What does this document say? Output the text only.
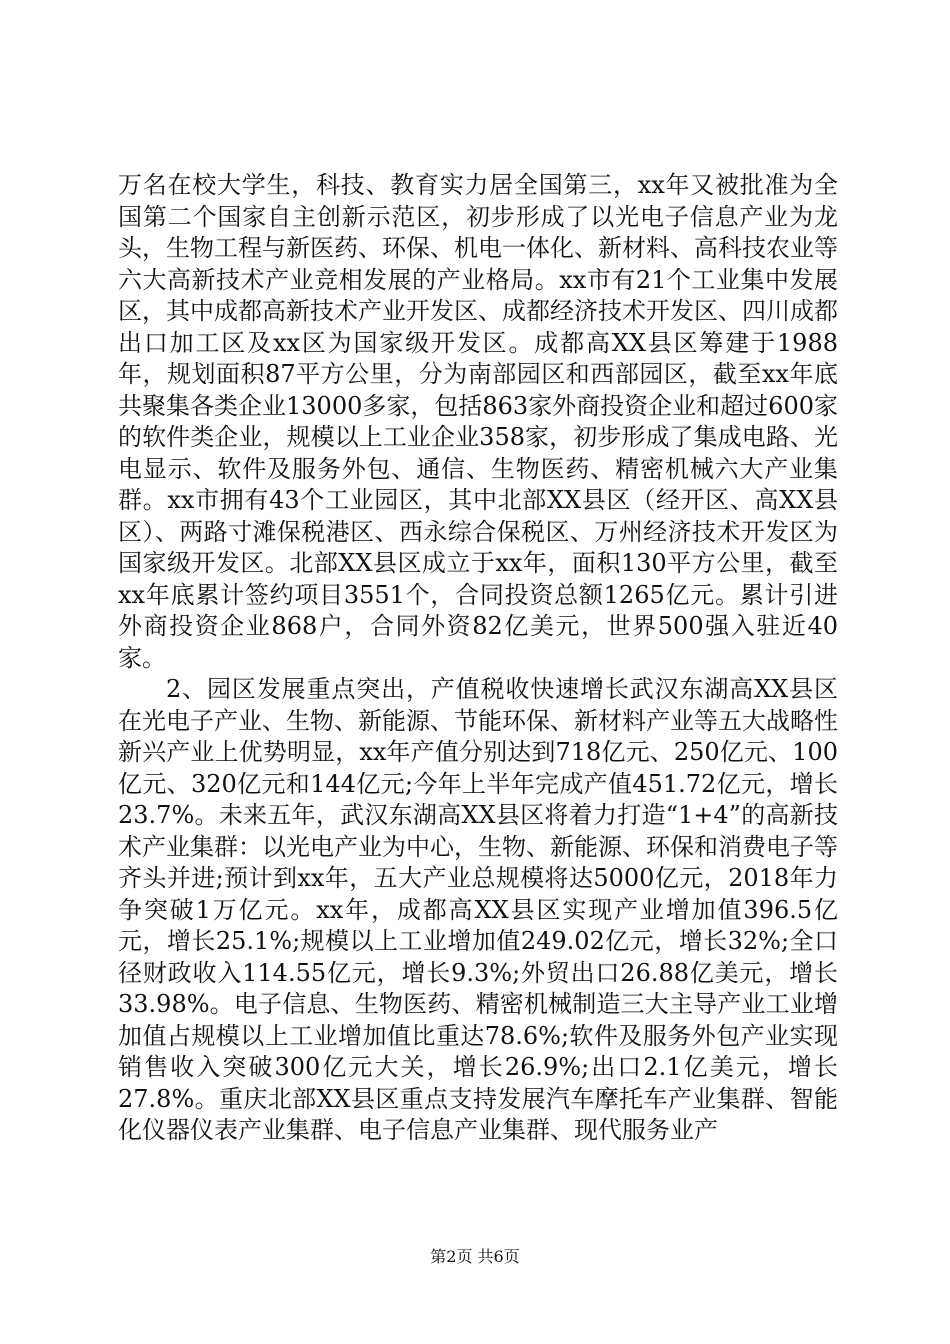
万名在校大学生，科技、教育实力居全国第三，xx年又被批准为全国第二个国家自主创新示范区，初步形成了以光电子信息产业为龙头，生物工程与新医药、环保、机电一体化、新材料、高科技农业等六大高新技术产业竞相发展的产业格局。xx市有21个工业集中发展区，其中成都高新技术产业开发区、成都经济技术开发区、四川成都出口加工区及xx区为国家级开发区。成都高XX县区筹建于1988年，规划面积87平方公里，分为南部园区和西部园区，截至xx年底共聚集各类企业13000多家，包括863家外商投资企业和超过600家的软件类企业，规模以上工业企业358家，初步形成了集成电路、光电显示、软件及服务外包、通信、生物医药、精密机械六大产业集群。xx市拥有43个工业园区，其中北部XX县区（经开区、高XX县区）、两路寸滩保税港区、西永综合保税区、万州经济技术开发区为国家级开发区。北部XX县区成立于xx年，面积130平方公里，截至xx年底累计签约项目3551个，合同投资总额1265亿元。累计引进外商投资企业868户，合同外资82亿美元，世界500强入驻近40家。

2、园区发展重点突出，产值税收快速增长武汉东湖高XX县区在光电子产业、生物、新能源、节能环保、新材料产业等五大战略性新兴产业上优势明显，xx年产值分别达到718亿元、250亿元、100亿元、320亿元和144亿元;今年上半年完成产值451.72亿元，增长23.7%。未来五年，武汉东湖高XX县区将着力打造“1+4”的高新技术产业集群：以光电产业为中心，生物、新能源、环保和消费电子等齐头并进;预计到xx年，五大产业总规模将达5000亿元，2018年力争突破1万亿元。xx年，成都高XX县区实现产业增加值396.5亿元，增长25.1%;规模以上工业增加值249.02亿元，增长32%;全口径财政收入114.55亿元，增长9.3%;外贸出口26.88亿美元，增长33.98%。电子信息、生物医药、精密机械制造三大主导产业工业增加值占规模以上工业增加值比重达78.6%;软件及服务外包产业实现销售收入突破300亿元大关，增长26.9%;出口2.1亿美元，增长27.8%。重庆北部XX县区重点支持发展汽车摩托车产业集群、智能化仪器仪表产业集群、电子信息产业集群、现代服务业产

第2页 共6页
